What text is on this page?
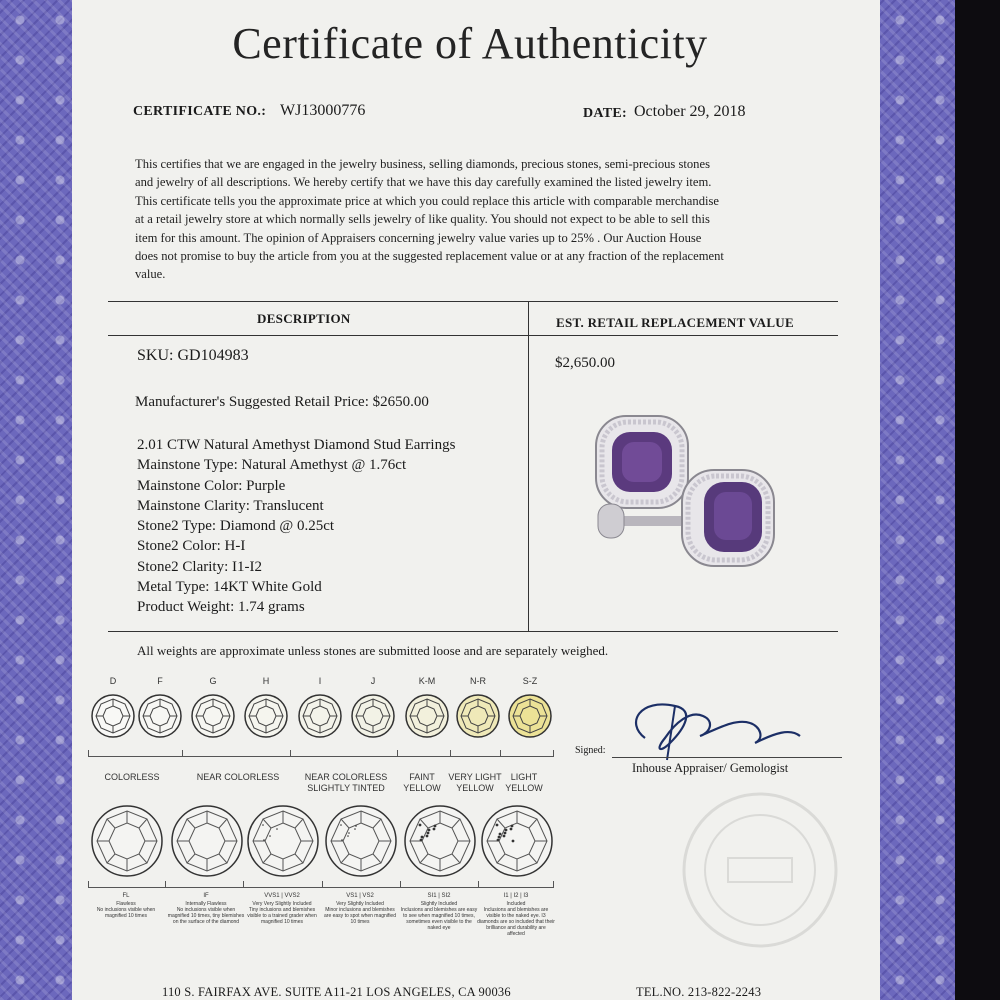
Certificate of Authenticity
CERTIFICATE NO.: WJ13000776	DATE: October 29, 2018
This certifies that we are engaged in the jewelry business, selling diamonds, precious stones, semi-precious stones
and jewelry of all descriptions. We hereby certify that we have this day carefully examined the listed jewelry item.
This certificate tells you the approximate price at which you could replace this article with comparable merchandise
at a retail jewelry store at which normally sells jewelry of like quality. You should not expect to be able to sell this
item for this amount. The opinion of Appraisers concerning jewelry value varies up to 25% . Our Auction House
does not promise to buy the article from you at the suggested replacement value or at any fraction of the replacement
value.
DESCRIPTION	EST. RETAIL REPLACEMENT VALUE
SKU: GD104983
Manufacturer's Suggested Retail Price: $2650.00
2.01 CTW Natural Amethyst Diamond Stud Earrings
Mainstone Type: Natural Amethyst @ 1.76ct
Mainstone Color: Purple
Mainstone Clarity: Translucent
Stone2 Type: Diamond @ 0.25ct
Stone2 Color: H-I
Stone2 Clarity: I1-I2
Metal Type: 14KT White Gold
Product Weight: 1.74 grams
$2,650.00
All weights are approximate unless stones are submitted loose and are separately weighed.
D	F	G	H	I	J	K-M	N-R	S-Z
COLORLESS	NEAR COLORLESS	NEAR COLORLESS
SLIGHTLY TINTED
FAINT
YELLOW
VERY LIGHT
YELLOW
LIGHT
YELLOW
FL
Flawless
No inclusions visible when magnified 10 times
IF
Internally Flawless
No inclusions visible when magnified 10 times, tiny blemishes on the surface of the diamond
VVS1 | VVS2
Very Very Slightly Included
Tiny inclusions and blemishes visible to a trained grader when magnified 10 times
VS1 | VS2
Very Slightly Included
Minor inclusions and blemishes are easy to spot when magnified 10 times
SI1 | SI2
Slightly Included
Inclusions and blemishes are easy to see when magnified 10 times, sometimes even visible to the naked eye
I1 | I2 | I3
Included
Inclusions and blemishes are visible to the naked eye. I3 diamonds are so included that their brilliance and durability are affected
Signed:
Inhouse Appraiser/ Gemologist
110 S. FAIRFAX AVE. SUITE A11-21 LOS ANGELES, CA 90036	TEL.NO. 213-822-2243
